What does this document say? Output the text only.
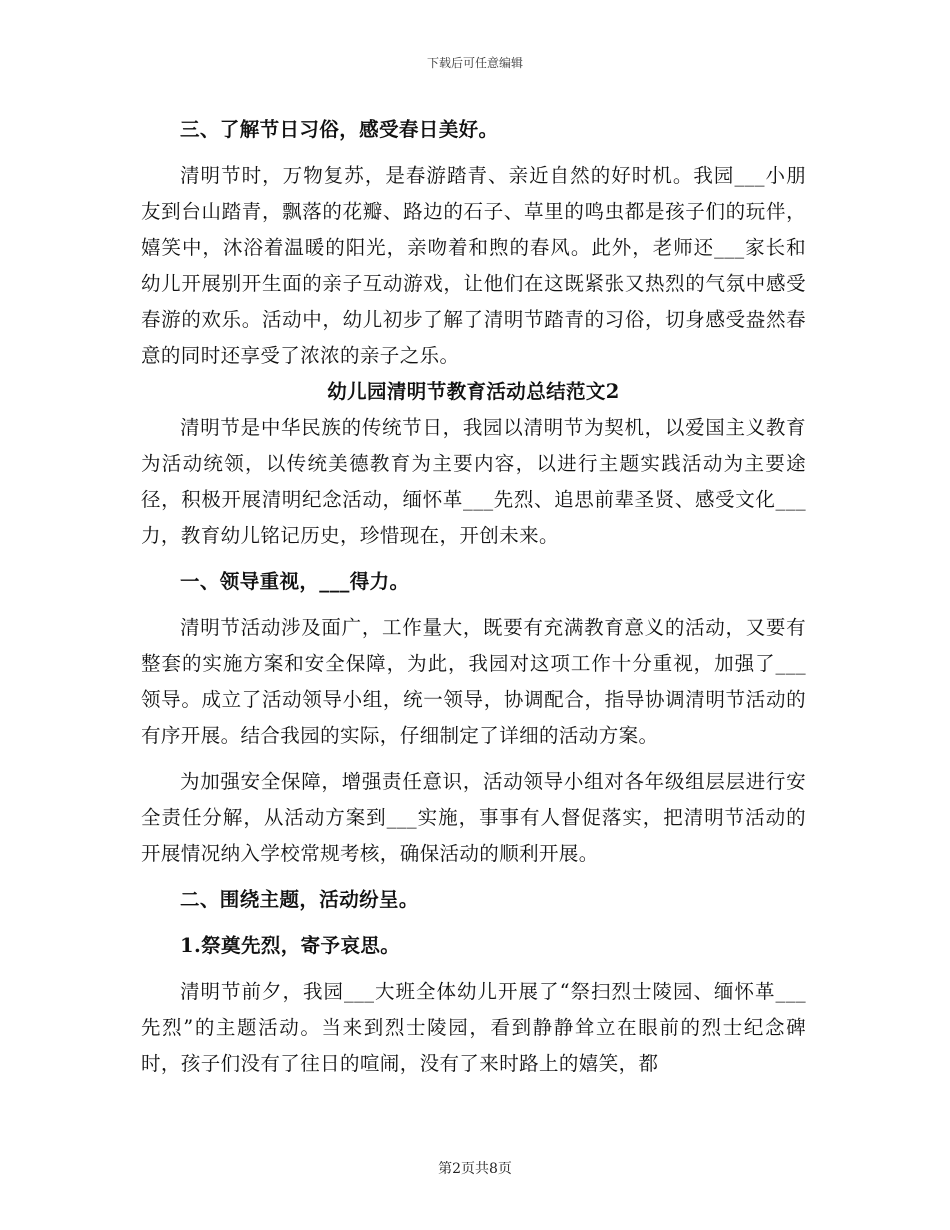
下载后可任意编辑

三、了解节日习俗，感受春日美好。

清明节时，万物复苏，是春游踏青、亲近自然的好时机。我园___小朋友到台山踏青，飘落的花瓣、路边的石子、草里的鸣虫都是孩子们的玩伴，嬉笑中，沐浴着温暖的阳光，亲吻着和煦的春风。此外，老师还___家长和幼儿开展别开生面的亲子互动游戏，让他们在这既紧张又热烈的气氛中感受春游的欢乐。活动中，幼儿初步了解了清明节踏青的习俗，切身感受盎然春意的同时还享受了浓浓的亲子之乐。

幼儿园清明节教育活动总结范文2

清明节是中华民族的传统节日，我园以清明节为契机，以爱国主义教育为活动统领，以传统美德教育为主要内容，以进行主题实践活动为主要途径，积极开展清明纪念活动，缅怀革___先烈、追思前辈圣贤、感受文化___力，教育幼儿铭记历史，珍惜现在，开创未来。

一、领导重视，___得力。

清明节活动涉及面广，工作量大，既要有充满教育意义的活动，又要有整套的实施方案和安全保障，为此，我园对这项工作十分重视，加强了___领导。成立了活动领导小组，统一领导，协调配合，指导协调清明节活动的有序开展。结合我园的实际，仔细制定了详细的活动方案。

为加强安全保障，增强责任意识，活动领导小组对各年级组层层进行安全责任分解，从活动方案到___实施，事事有人督促落实，把清明节活动的开展情况纳入学校常规考核，确保活动的顺利开展。

二、围绕主题，活动纷呈。

1.祭奠先烈，寄予哀思。

清明节前夕，我园___大班全体幼儿开展了“祭扫烈士陵园、缅怀革___先烈”的主题活动。当来到烈士陵园，看到静静耸立在眼前的烈士纪念碑时，孩子们没有了往日的喧闹，没有了来时路上的嬉笑，都

第2页共8页
